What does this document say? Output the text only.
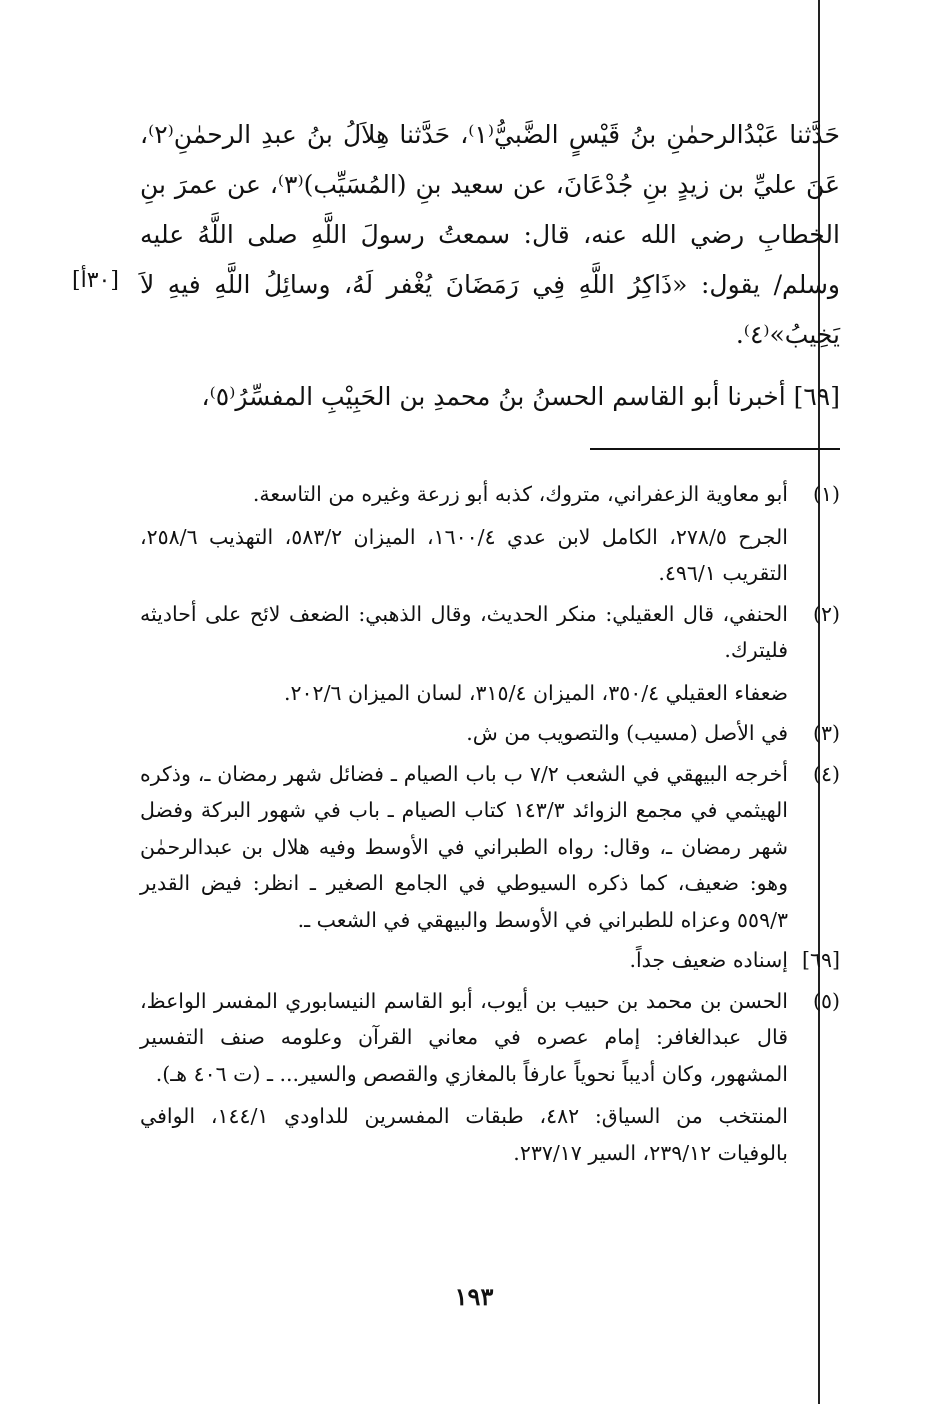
[٣٠أ]

حَدَّثنا عَبْدُالرحمٰنِ بنُ قَيْسٍ الضَّبيُّ⁽١⁾، حَدَّثنا هِلاَلُ بنُ عبدِ الرحمٰنِ⁽٢⁾، عَنَ عليِّ بن زيدٍ بنِ جُدْعَانَ، عن سعيد بنِ (المُسَيِّب)⁽٣⁾، عن عمرَ بنِ الخطابِ رضي الله عنه، قال: سمعتُ رسولَ اللَّهِ صلى اللَّهُ عليه وسلم/ يقول: «ذَاكِرُ اللَّهِ فِي رَمَضَانَ يُغْفر لَهُ، وسائِلُ اللَّهِ فيهِ لاَ يَخِيبُ»⁽٤⁾.

[٦٩] أخبرنا أبو القاسم الحسنُ بنُ محمدِ بن الحَبِيْبِ المفسِّرُ⁽٥⁾،

(١)

أبو معاوية الزعفراني، متروك، كذبه أبو زرعة وغيره من التاسعة.

الجرح ٢٧٨/٥، الكامل لابن عدي ١٦٠٠/٤، الميزان ٥٨٣/٢، التهذيب ٢٥٨/٦، التقريب ٤٩٦/١.

(٢)

الحنفي، قال العقيلي: منكر الحديث، وقال الذهبي: الضعف لائح على أحاديثه فليترك.

ضعفاء العقيلي ٣٥٠/٤، الميزان ٣١٥/٤، لسان الميزان ٢٠٢/٦.

(٣)

في الأصل (مسيب) والتصويب من ش.

(٤)

أخرجه البيهقي في الشعب ٧/٢ ب باب الصيام ـ فضائل شهر رمضان ـ، وذكره الهيثمي في مجمع الزوائد ١٤٣/٣ كتاب الصيام ـ باب في شهور البركة وفضل شهر رمضان ـ، وقال: رواه الطبراني في الأوسط وفيه هلال بن عبدالرحمٰن وهو: ضعيف، كما ذكره السيوطي في الجامع الصغير ـ انظر: فيض القدير ٥٥٩/٣ وعزاه للطبراني في الأوسط والبيهقي في الشعب ـ.

[٦٩]

إسناده ضعيف جداً.

(٥)

الحسن بن محمد بن حبيب بن أيوب، أبو القاسم النيسابوري المفسر الواعظ، قال عبدالغافر: إمام عصره في معاني القرآن وعلومه صنف التفسير المشهور، وكان أديباً نحوياً عارفاً بالمغازي والقصص والسير... ـ (ت ٤٠٦ هـ).

المنتخب من السياق: ٤٨٢، طبقات المفسرين للداودي ١٤٤/١، الوافي بالوفيات ٢٣٩/١٢، السير ٢٣٧/١٧.

١٩٣
